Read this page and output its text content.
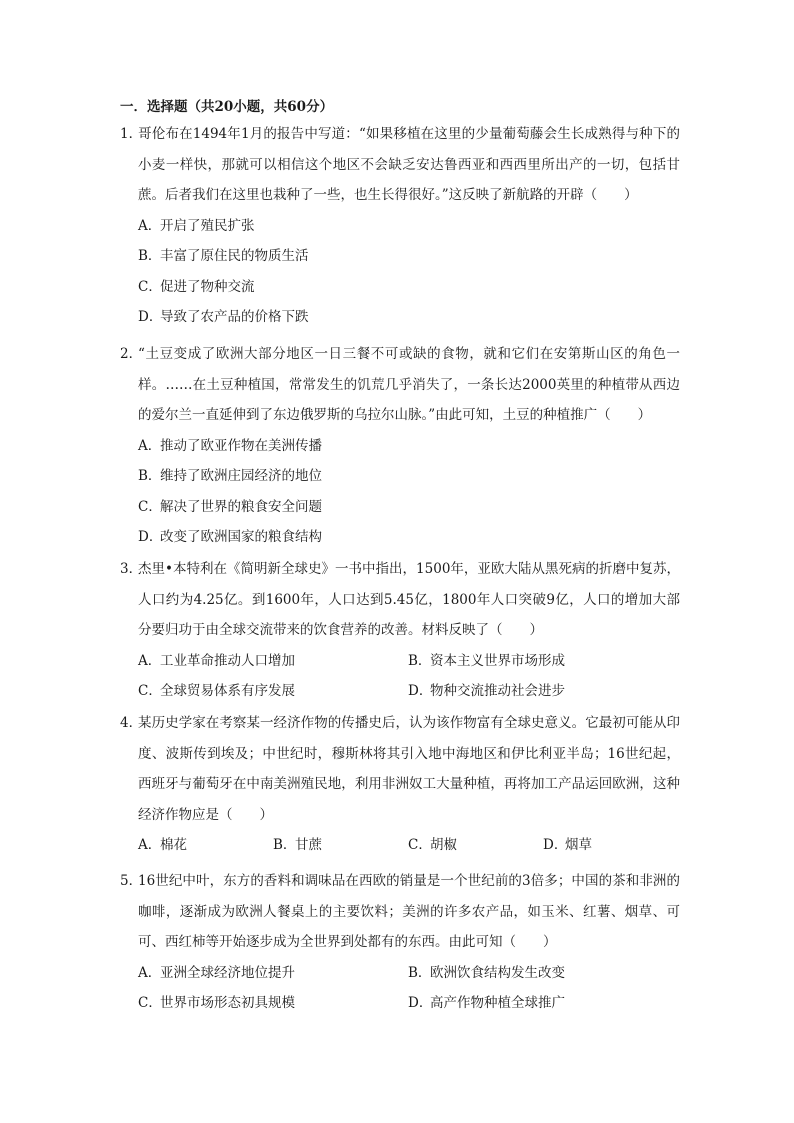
一．选择题（共20小题，共60分）
1．哥伦布在1494年1月的报告中写道：“如果移植在这里的少量葡萄藤会生长成熟得与种下的小麦一样快，那就可以相信这个地区不会缺乏安达鲁西亚和西西里所出产的一切，包括甘蔗。后者我们在这里也栽种了一些，也生长得很好。”这反映了新航路的开辟（　　）
A．开启了殖民扩张
B．丰富了原住民的物质生活
C．促进了物种交流
D．导致了农产品的价格下跌
2．“土豆变成了欧洲大部分地区一日三餐不可或缺的食物，就和它们在安第斯山区的角色一样。……在土豆种植国，常常发生的饥荒几乎消失了，一条长达2000英里的种植带从西边的爱尔兰一直延伸到了东边俄罗斯的乌拉尔山脉。”由此可知，土豆的种植推广（　　）
A．推动了欧亚作物在美洲传播
B．维持了欧洲庄园经济的地位
C．解决了世界的粮食安全问题
D．改变了欧洲国家的粮食结构
3．杰里•本特利在《简明新全球史》一书中指出，1500年，亚欧大陆从黑死病的折磨中复苏，人口约为4.25亿。到1600年，人口达到5.45亿，1800年人口突破9亿，人口的增加大部分要归功于由全球交流带来的饮食营养的改善。材料反映了（　　）
A．工业革命推动人口增加	B．资本主义世界市场形成
C．全球贸易体系有序发展	D．物种交流推动社会进步
4．某历史学家在考察某一经济作物的传播史后，认为该作物富有全球史意义。它最初可能从印度、波斯传到埃及；中世纪时，穆斯林将其引入地中海地区和伊比利亚半岛；16世纪起，西班牙与葡萄牙在中南美洲殖民地，利用非洲奴工大量种植，再将加工产品运回欧洲，这种经济作物应是（　　）
A．棉花	B．甘蔗	C．胡椒	D．烟草
5．16世纪中叶，东方的香料和调味品在西欧的销量是一个世纪前的3倍多；中国的茶和非洲的咖啡，逐渐成为欧洲人餐桌上的主要饮料；美洲的许多农产品，如玉米、红薯、烟草、可可、西红柿等开始逐步成为全世界到处都有的东西。由此可知（　　）
A．亚洲全球经济地位提升	B．欧洲饮食结构发生改变
C．世界市场形态初具规模	D．高产作物种植全球推广
